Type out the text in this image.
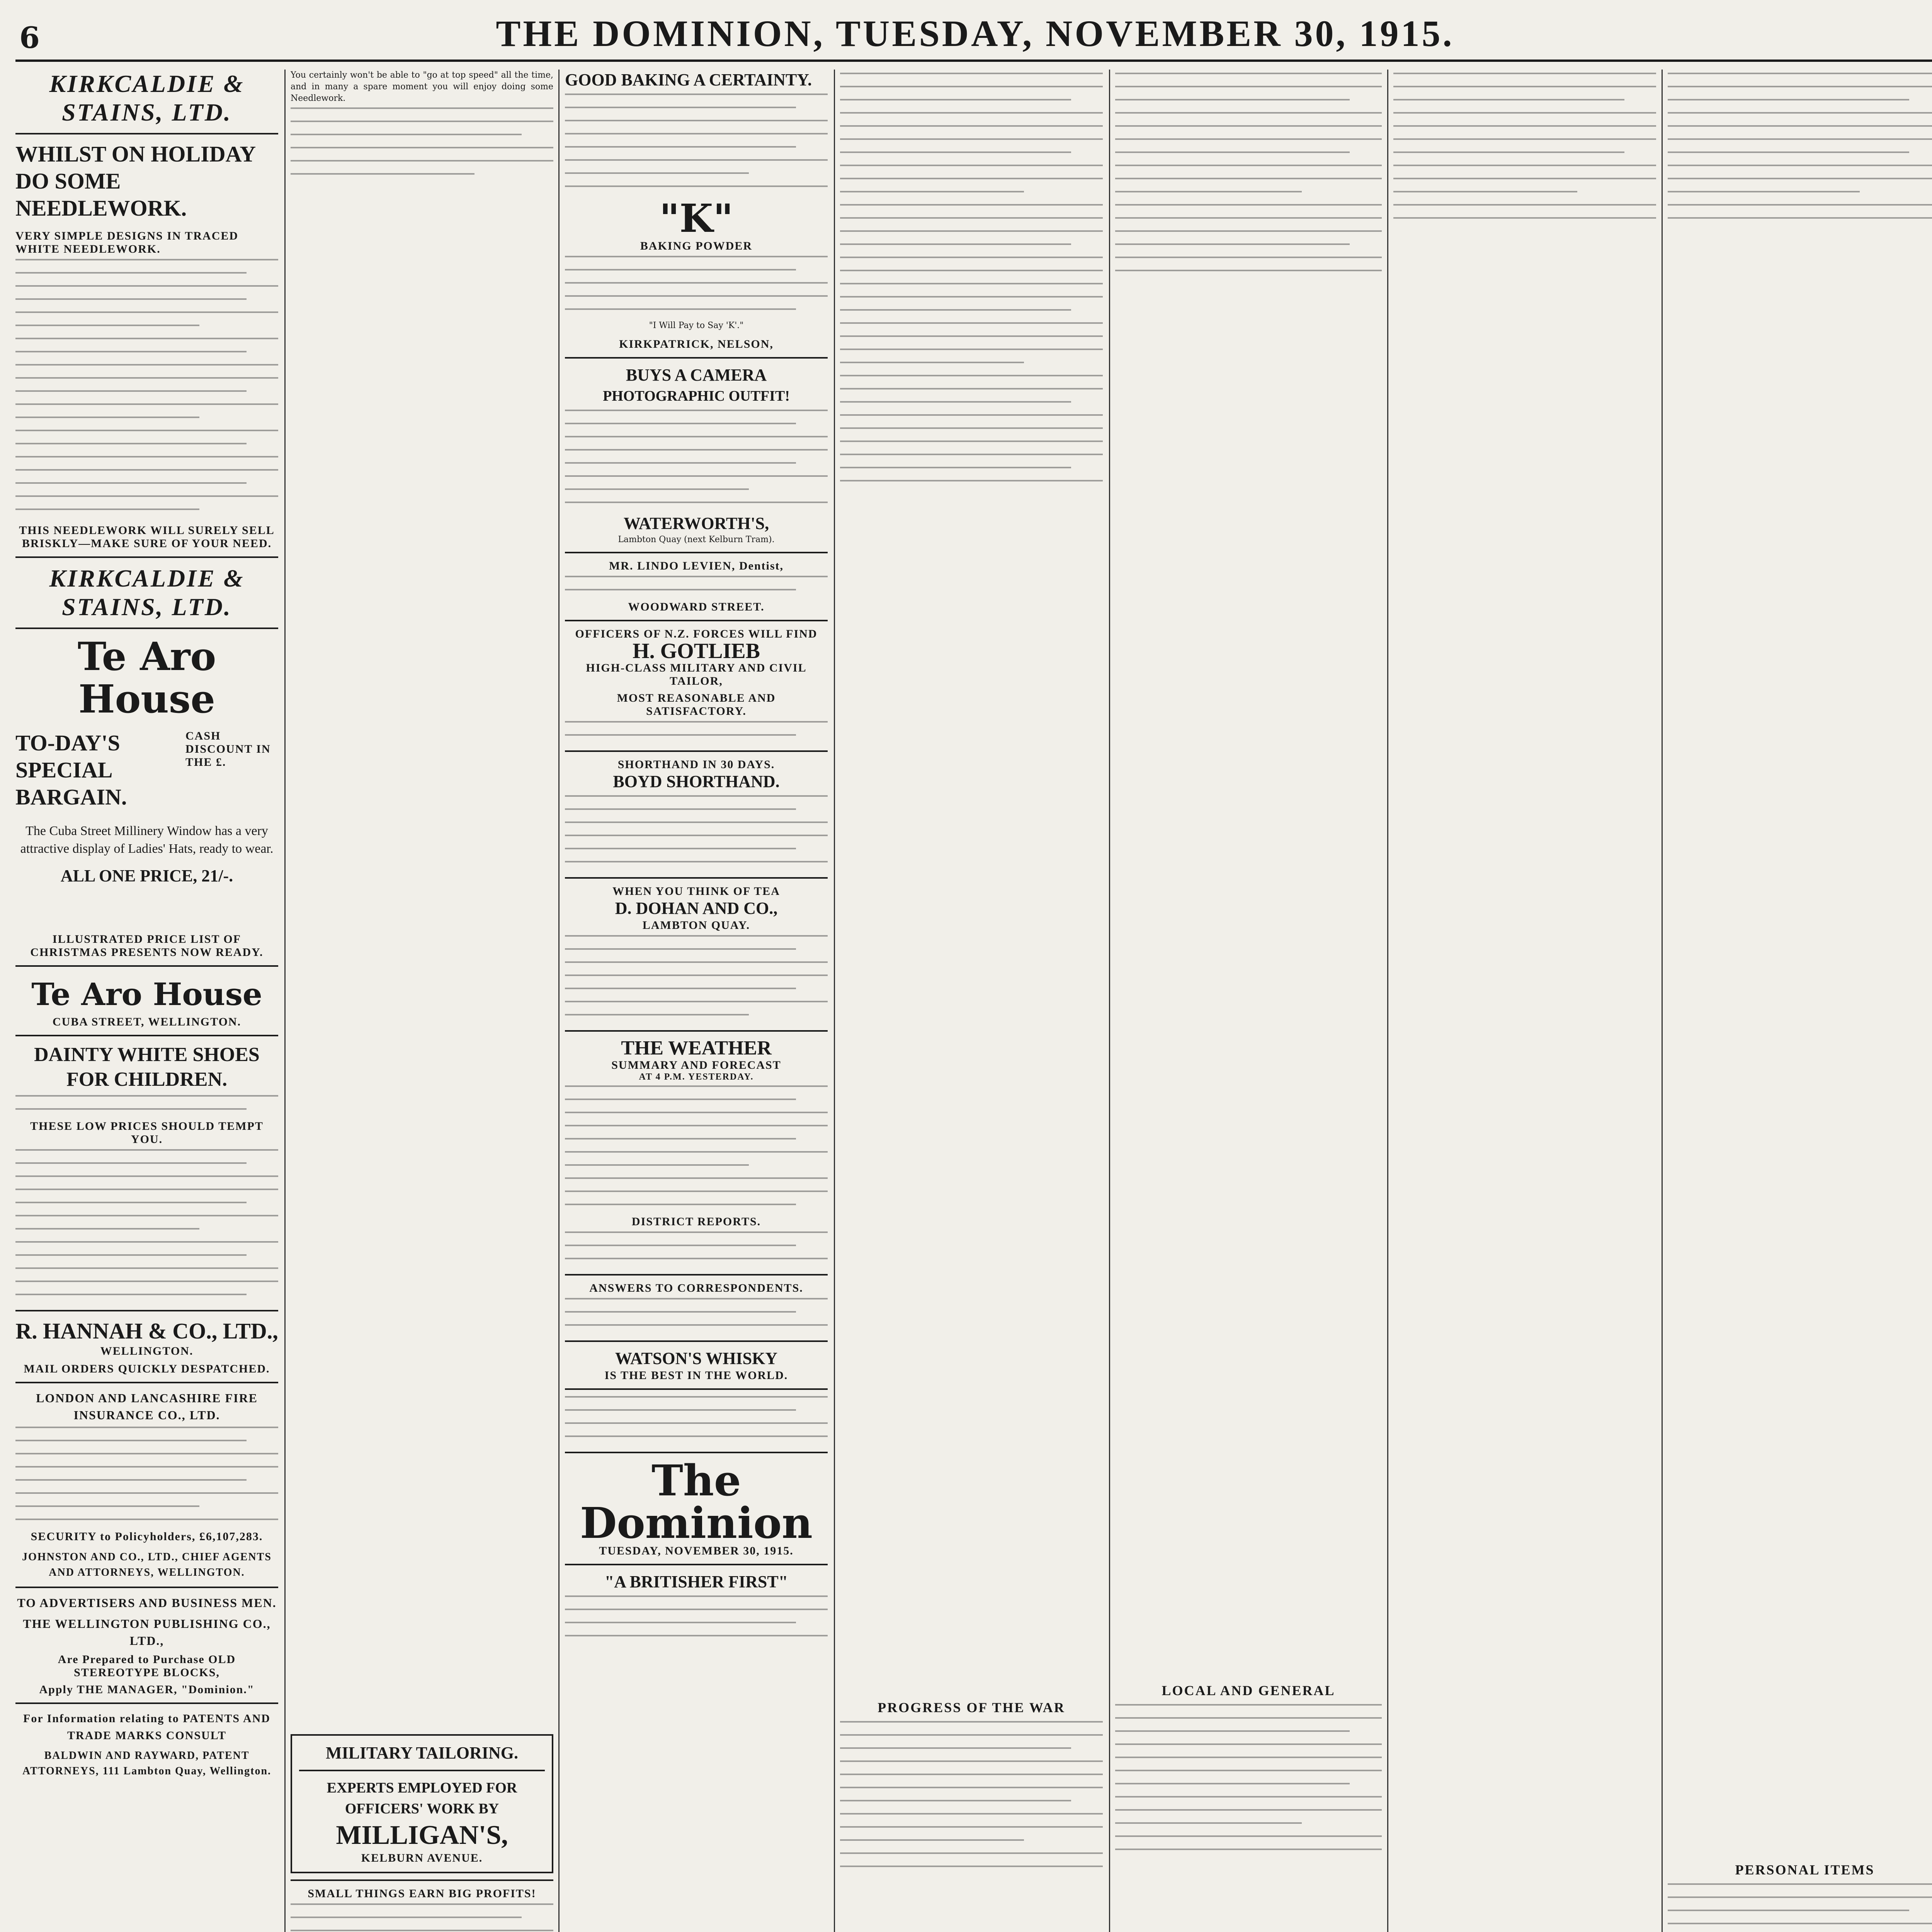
6	THE DOMINION, TUESDAY, NOVEMBER 30, 1915.
KIRKCALDIE & STAINS, LTD.
WHILST ON HOLIDAY DO SOME NEEDLEWORK.
VERY SIMPLE DESIGNS IN TRACED WHITE NEEDLEWORK.
THIS NEEDLEWORK WILL SURELY SELL BRISKLY—MAKE SURE OF YOUR NEED.
KIRKCALDIE & STAINS, LTD.
Te Aro House
TO-DAY'S SPECIAL BARGAIN.
CASH DISCOUNT IN THE £.
The Cuba Street Millinery Window has a very attractive display of Ladies' Hats, ready to wear.
ALL ONE PRICE, 21/-.
ILLUSTRATED PRICE LIST OF CHRISTMAS PRESENTS NOW READY.
Te Aro House
CUBA STREET, WELLINGTON.
DAINTY WHITE SHOES FOR CHILDREN.
THESE LOW PRICES SHOULD TEMPT YOU.
R. HANNAH & CO., LTD.,
WELLINGTON.
MAIL ORDERS QUICKLY DESPATCHED.
LONDON AND LANCASHIRE FIRE INSURANCE CO., LTD.
SECURITY to Policyholders, £6,107,283.
JOHNSTON AND CO., LTD., CHIEF AGENTS AND ATTORNEYS, WELLINGTON.
TO ADVERTISERS AND BUSINESS MEN.
THE WELLINGTON PUBLISHING CO., LTD.,
Are Prepared to Purchase OLD STEREOTYPE BLOCKS,
Apply THE MANAGER, "Dominion."
For Information relating to PATENTS AND TRADE MARKS CONSULT
BALDWIN AND RAYWARD, PATENT ATTORNEYS, 111 Lambton Quay, Wellington.
You certainly won't be able to "go at top speed" all the time, and in many a spare moment you will enjoy doing some Needlework.
MILITARY TAILORING.
EXPERTS EMPLOYED FOR OFFICERS' WORK BY
MILLIGAN'S,
KELBURN AVENUE.
SMALL THINGS EARN BIG PROFITS!
GOOD BAKING A CERTAINTY.
"K"
BAKING POWDER
"I Will Pay to Say 'K'."
KIRKPATRICK, NELSON,
BUYS A CAMERA
PHOTOGRAPHIC OUTFIT!
WATERWORTH'S,
Lambton Quay (next Kelburn Tram).
MR. LINDO LEVIEN, Dentist,
WOODWARD STREET.
OFFICERS OF N.Z. FORCES WILL FIND
H. GOTLIEB
HIGH-CLASS MILITARY AND CIVIL TAILOR,
MOST REASONABLE AND SATISFACTORY.
SHORTHAND IN 30 DAYS.
BOYD SHORTHAND.
WHEN YOU THINK OF TEA
D. DOHAN AND CO.,
LAMBTON QUAY.
THE WEATHER
SUMMARY AND FORECAST
AT 4 P.M. YESTERDAY.
DISTRICT REPORTS.
ANSWERS TO CORRESPONDENTS.
WATSON'S WHISKY
IS THE BEST IN THE WORLD.
The Dominion
TUESDAY, NOVEMBER 30, 1915.
"A BRITISHER FIRST"
PROGRESS OF THE WAR
LOCAL AND GENERAL
PERSONAL ITEMS
